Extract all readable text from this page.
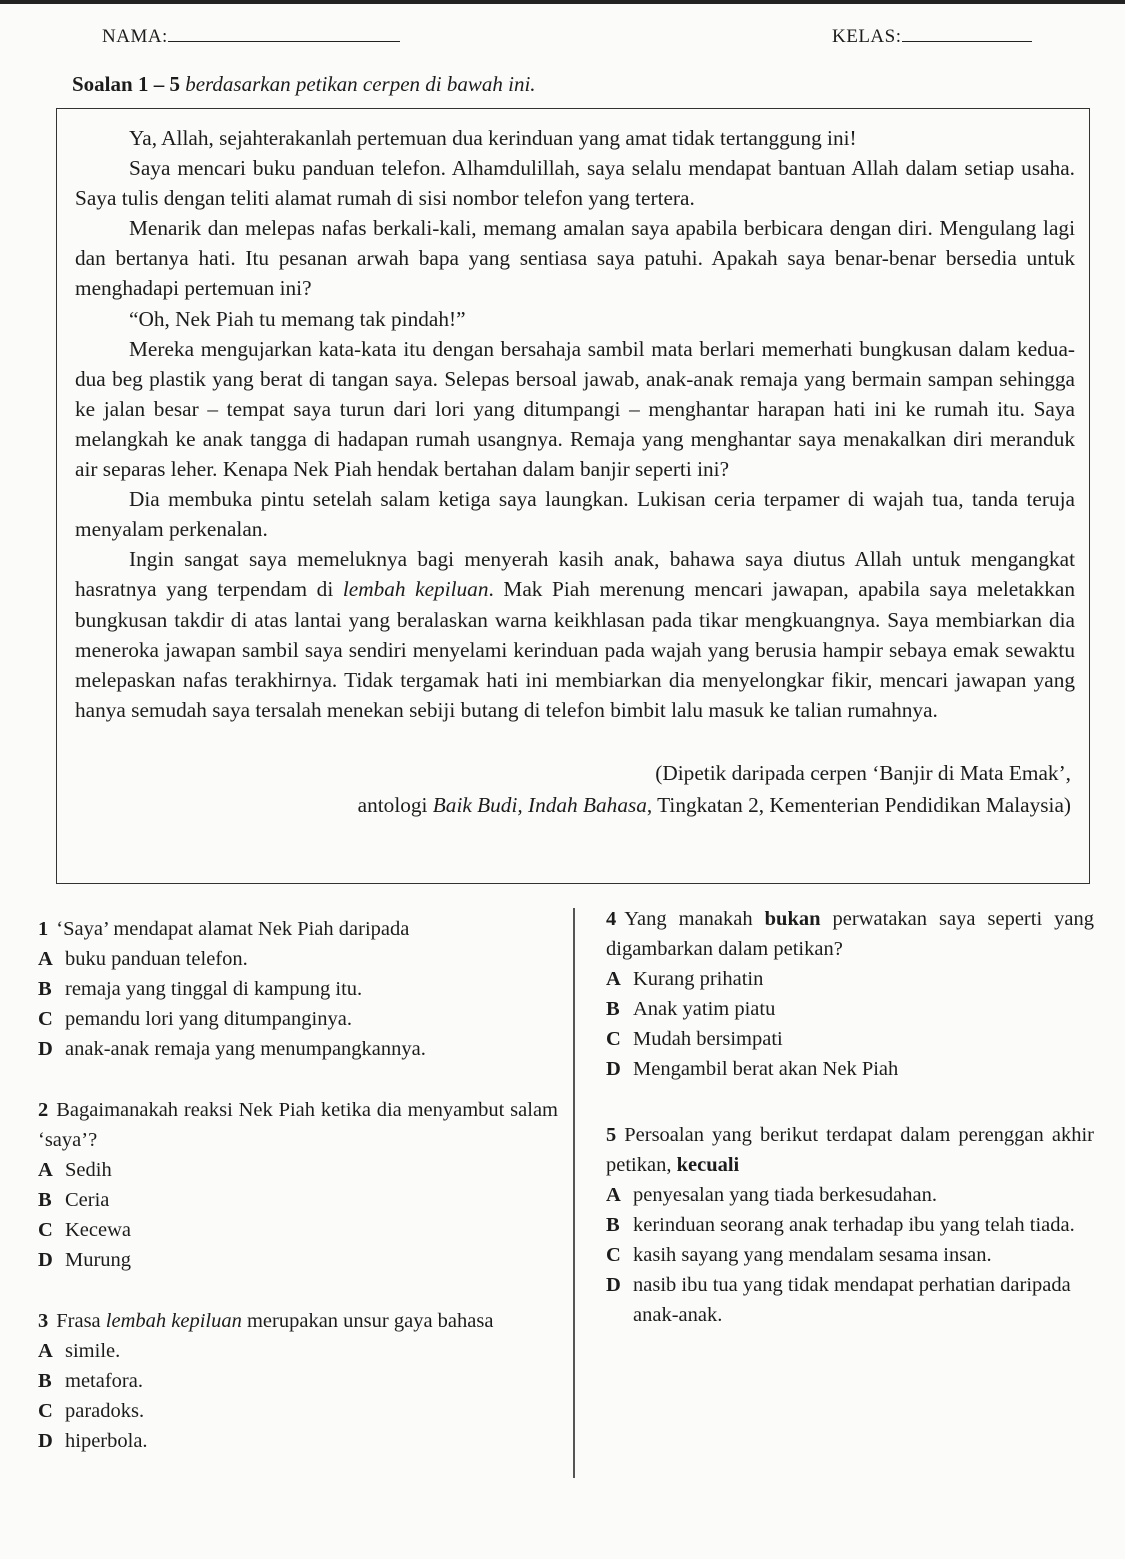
NAMA:	KELAS:
Soalan 1 – 5 berdasarkan petikan cerpen di bawah ini.

Ya, Allah, sejahterakanlah pertemuan dua kerinduan yang amat tidak tertanggung ini!

Saya mencari buku panduan telefon. Alhamdulillah, saya selalu mendapat bantuan Allah dalam setiap usaha. Saya tulis dengan teliti alamat rumah di sisi nombor telefon yang tertera.

Menarik dan melepas nafas berkali-kali, memang amalan saya apabila berbicara dengan diri. Mengulang lagi dan bertanya hati. Itu pesanan arwah bapa yang sentiasa saya patuhi. Apakah saya benar-benar bersedia untuk menghadapi pertemuan ini?

“Oh, Nek Piah tu memang tak pindah!”

Mereka mengujarkan kata-kata itu dengan bersahaja sambil mata berlari memerhati bungkusan dalam kedua-dua beg plastik yang berat di tangan saya. Selepas bersoal jawab, anak-anak remaja yang bermain sampan sehingga ke jalan besar – tempat saya turun dari lori yang ditumpangi – menghantar harapan hati ini ke rumah itu. Saya melangkah ke anak tangga di hadapan rumah usangnya. Remaja yang menghantar saya menakalkan diri meranduk air separas leher. Kenapa Nek Piah hendak bertahan dalam banjir seperti ini?

Dia membuka pintu setelah salam ketiga saya laungkan. Lukisan ceria terpamer di wajah tua, tanda teruja menyalam perkenalan.

Ingin sangat saya memeluknya bagi menyerah kasih anak, bahawa saya diutus Allah untuk mengangkat hasratnya yang terpendam di lembah kepiluan. Mak Piah merenung mencari jawapan, apabila saya meletakkan bungkusan takdir di atas lantai yang beralaskan warna keikhlasan pada tikar mengkuangnya. Saya membiarkan dia meneroka jawapan sambil saya sendiri menyelami kerinduan pada wajah yang berusia hampir sebaya emak sewaktu melepaskan nafas terakhirnya. Tidak tergamak hati ini membiarkan dia menyelongkar fikir, mencari jawapan yang hanya semudah saya tersalah menekan sebiji butang di telefon bimbit lalu masuk ke talian rumahnya.

(Dipetik daripada cerpen ‘Banjir di Mata Emak’,
antologi Baik Budi, Indah Bahasa, Tingkatan 2, Kementerian Pendidikan Malaysia)
1 ‘Saya’ mendapat alamat Nek Piah daripada
A buku panduan telefon.
B remaja yang tinggal di kampung itu.
C pemandu lori yang ditumpanginya.
D anak-anak remaja yang menumpangkannya.
2 Bagaimanakah reaksi Nek Piah ketika dia menyambut salam ‘saya’?
A Sedih
B Ceria
C Kecewa
D Murung
3 Frasa lembah kepiluan merupakan unsur gaya bahasa
A simile.
B metafora.
C paradoks.
D hiperbola.
4 Yang manakah bukan perwatakan saya seperti yang digambarkan dalam petikan?
A Kurang prihatin
B Anak yatim piatu
C Mudah bersimpati
D Mengambil berat akan Nek Piah
5 Persoalan yang berikut terdapat dalam perenggan akhir petikan, kecuali
A penyesalan yang tiada berkesudahan.
B kerinduan seorang anak terhadap ibu yang telah tiada.
C kasih sayang yang mendalam sesama insan.
D nasib ibu tua yang tidak mendapat perhatian daripada anak-anak.
